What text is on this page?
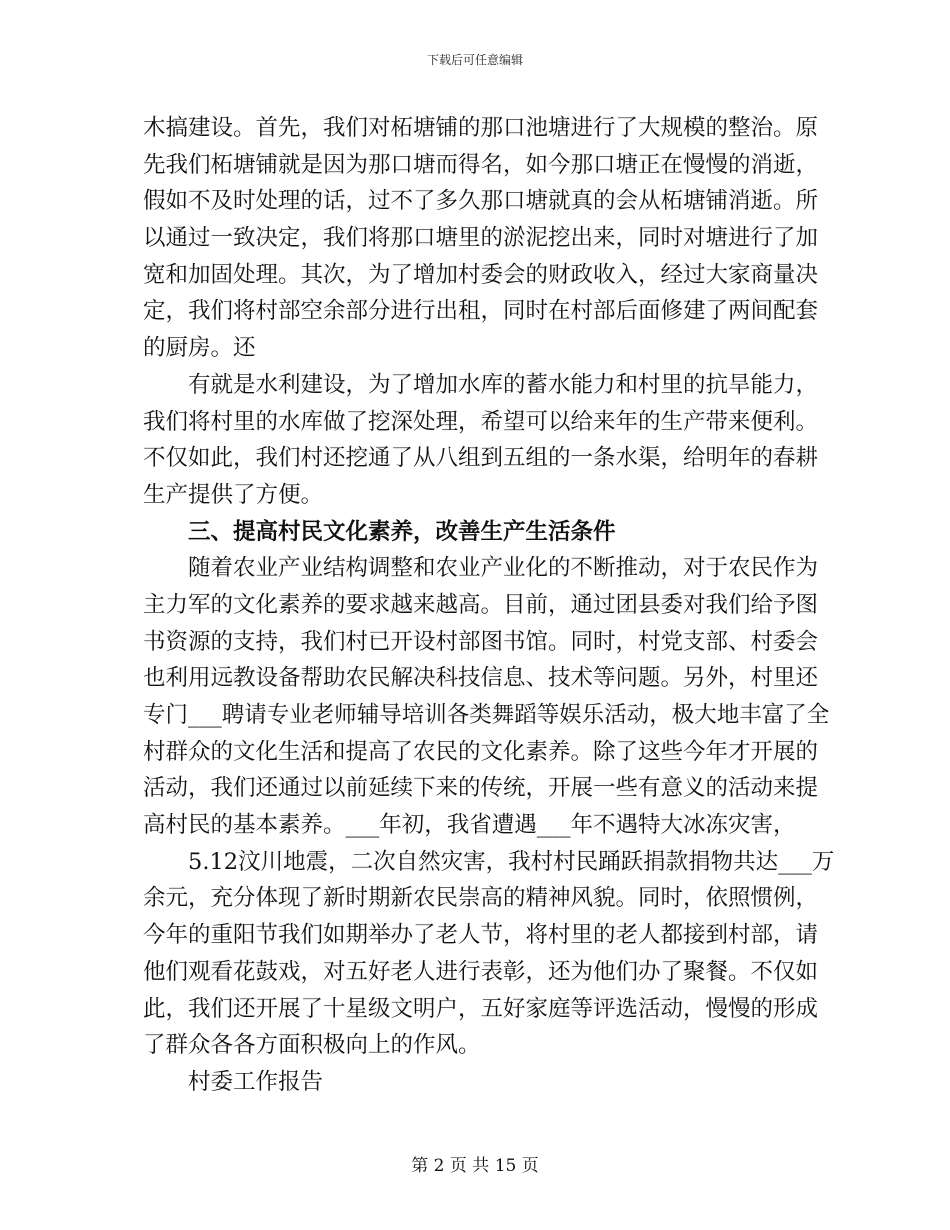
下载后可任意编辑
木搞建设。首先，我们对柘塘铺的那口池塘进行了大规模的整治。原
先我们柘塘铺就是因为那口塘而得名，如今那口塘正在慢慢的消逝，
假如不及时处理的话，过不了多久那口塘就真的会从柘塘铺消逝。所
以通过一致决定，我们将那口塘里的淤泥挖出来，同时对塘进行了加
宽和加固处理。其次，为了增加村委会的财政收入，经过大家商量决
定，我们将村部空余部分进行出租，同时在村部后面修建了两间配套
的厨房。还
有就是水利建设，为了增加水库的蓄水能力和村里的抗旱能力，
我们将村里的水库做了挖深处理，希望可以给来年的生产带来便利。
不仅如此，我们村还挖通了从八组到五组的一条水渠，给明年的春耕
生产提供了方便。
三、提高村民文化素养，改善生产生活条件
随着农业产业结构调整和农业产业化的不断推动，对于农民作为
主力军的文化素养的要求越来越高。目前，通过团县委对我们给予图
书资源的支持，我们村已开设村部图书馆。同时，村党支部、村委会
也利用远教设备帮助农民解决科技信息、技术等问题。另外，村里还
专门___聘请专业老师辅导培训各类舞蹈等娱乐活动，极大地丰富了全
村群众的文化生活和提高了农民的文化素养。除了这些今年才开展的
活动，我们还通过以前延续下来的传统，开展一些有意义的活动来提
高村民的基本素养。___年初，我省遭遇___年不遇特大冰冻灾害，
5.12汶川地震，二次自然灾害，我村村民踊跃捐款捐物共达___万
余元，充分体现了新时期新农民崇高的精神风貌。同时，依照惯例，
今年的重阳节我们如期举办了老人节，将村里的老人都接到村部，请
他们观看花鼓戏，对五好老人进行表彰，还为他们办了聚餐。不仅如
此，我们还开展了十星级文明户，五好家庭等评选活动，慢慢的形成
了群众各各方面积极向上的作风。
村委工作报告
第 2 页 共 15 页
